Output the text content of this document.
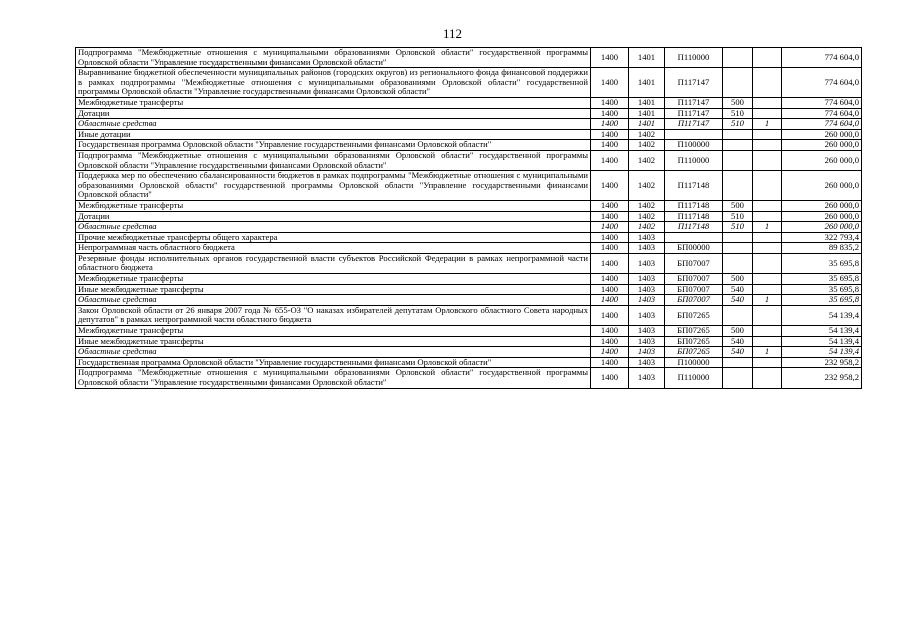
112
Подпрограмма "Межбюджетные отношения с муниципальными образованиями Орловской области" государственной программы Орловской области "Управление государственными финансами Орловской области"	1400	1401	П110000			774 604,0
Выравнивание бюджетной обеспеченности муниципальных районов (городских округов) из регионального фонда финансовой поддержки в рамках подпрограммы "Межбюджетные отношения с муниципальными образованиями Орловской области" государственной программы Орловской области "Управление государственными финансами Орловской области"	1400	1401	П117147			774 604,0
Межбюджетные трансферты	1400	1401	П117147	500		774 604,0
Дотации	1400	1401	П117147	510		774 604,0
Областные средства	1400	1401	П117147	510	1	774 604,0
Иные дотации	1400	1402				260 000,0
Государственная программа Орловской области "Управление государственными финансами Орловской области"	1400	1402	П100000			260 000,0
Подпрограмма "Межбюджетные отношения с муниципальными образованиями Орловской области" государственной программы Орловской области "Управление государственными финансами Орловской области"	1400	1402	П110000			260 000,0
Поддержка мер по обеспечению сбалансированности бюджетов в рамках подпрограммы "Межбюджетные отношения с муниципальными образованиями Орловской области" государственной программы Орловской области "Управление государственными финансами Орловской области"	1400	1402	П117148			260 000,0
Межбюджетные трансферты	1400	1402	П117148	500		260 000,0
Дотации	1400	1402	П117148	510		260 000,0
Областные средства	1400	1402	П117148	510	1	260 000,0
Прочие межбюджетные трансферты общего характера	1400	1403				322 793,4
Непрограммная часть областного бюджета	1400	1403	БП00000			89 835,2
Резервные фонды исполнительных органов государственной власти субъектов Российской Федерации в рамках непрограммной части областного бюджета	1400	1403	БП07007			35 695,8
Межбюджетные трансферты	1400	1403	БП07007	500		35 695,8
Иные межбюджетные трансферты	1400	1403	БП07007	540		35 695,8
Областные средства	1400	1403	БП07007	540	1	35 695,8
Закон Орловской области от 26 января 2007 года № 655-ОЗ "О наказах избирателей депутатам Орловского областного Совета народных депутатов" в рамках непрограммной части областного бюджета	1400	1403	БП07265			54 139,4
Межбюджетные трансферты	1400	1403	БП07265	500		54 139,4
Иные межбюджетные трансферты	1400	1403	БП07265	540		54 139,4
Областные средства	1400	1403	БП07265	540	1	54 139,4
Государственная программа Орловской области "Управление государственными финансами Орловской области"	1400	1403	П100000			232 958,2
Подпрограмма "Межбюджетные отношения с муниципальными образованиями Орловской области" государственной программы Орловской области "Управление государственными финансами Орловской области"	1400	1403	П110000			232 958,2
